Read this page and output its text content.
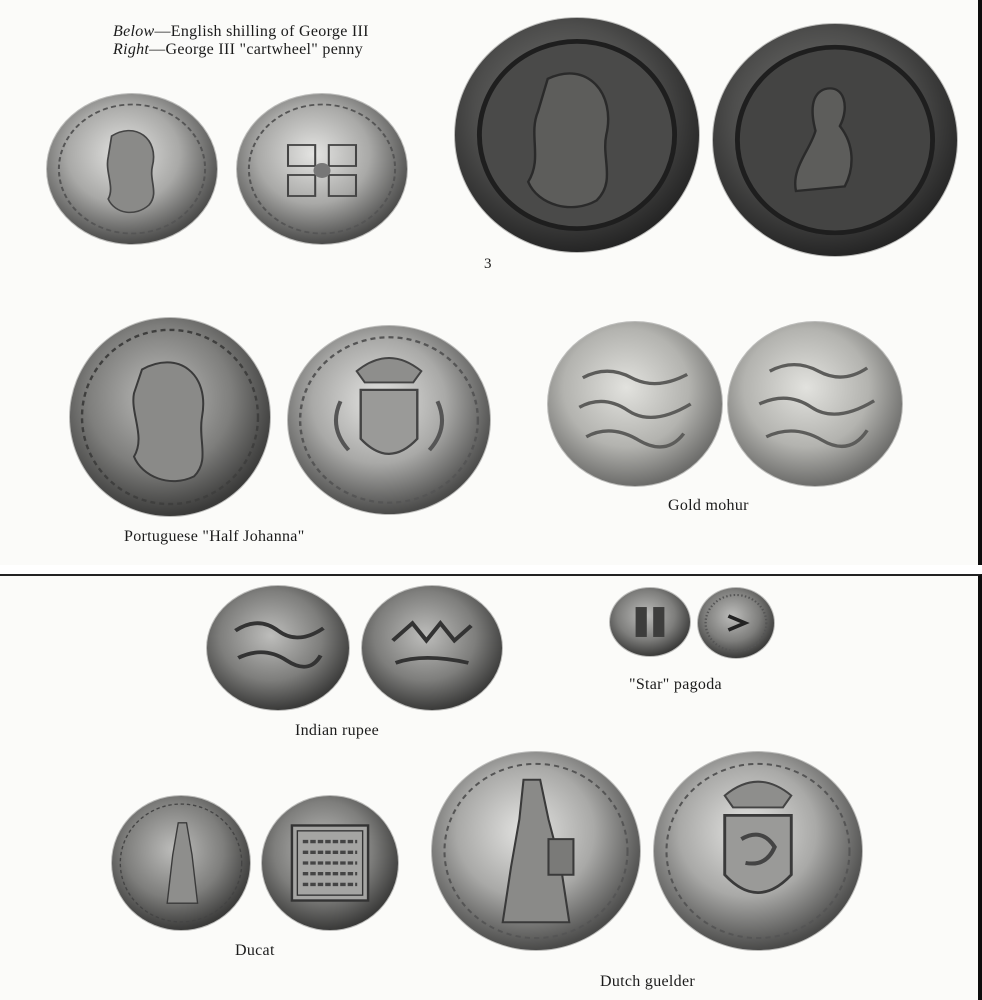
Below—English shilling of George III
Right—George III "cartwheel" penny
3
Portuguese "Half Johanna"
Gold mohur
Indian rupee
"Star" pagoda
Ducat
Dutch guelder
